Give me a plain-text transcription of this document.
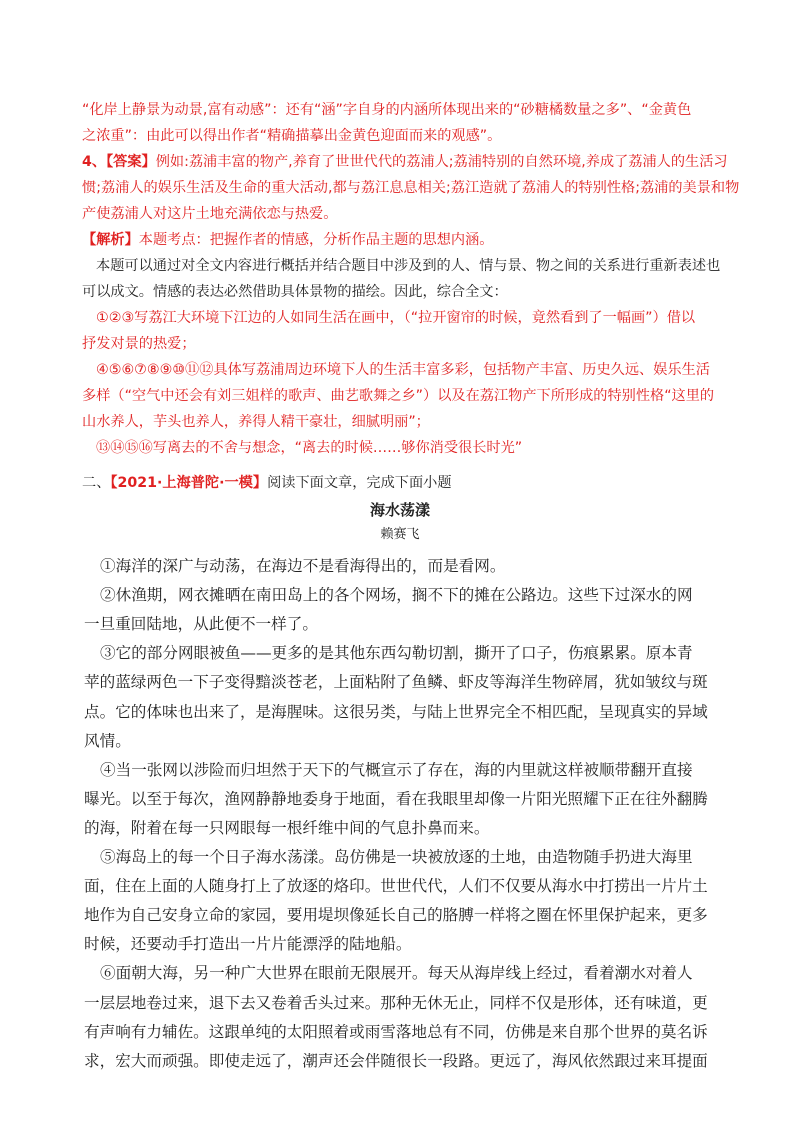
“化岸上静景为动景,富有动感”：还有“涵”字自身的内涵所体现出来的“砂糖橘数量之多”、“金黄色

之浓重”：由此可以得出作者“精确描摹出金黄色迎面而来的观感”。

4、【答案】例如:荔浦丰富的物产,养育了世世代代的荔浦人;荔浦特别的自然环境,养成了荔浦人的生活习

惯;荔浦人的娱乐生活及生命的重大活动,都与荔江息息相关;荔江造就了荔浦人的特别性格;荔浦的美景和物

产使荔浦人对这片土地充满依恋与热爱。

【解析】本题考点：把握作者的情感，分析作品主题的思想内涵。

本题可以通过对全文内容进行概括并结合题目中涉及到的人、情与景、物之间的关系进行重新表述也

可以成文。情感的表达必然借助具体景物的描绘。因此，综合全文：

①②③写荔江大环境下江边的人如同生活在画中，（“拉开窗帘的时候，竟然看到了一幅画”）借以

抒发对景的热爱；

④⑤⑥⑦⑧⑨⑩⑪⑫具体写荔浦周边环境下人的生活丰富多彩，包括物产丰富、历史久远、娱乐生活

多样（“空气中还会有刘三姐样的歌声、曲艺歌舞之乡”）以及在荔江物产下所形成的特别性格“这里的

山水养人，芋头也养人，养得人精干豪壮，细腻明丽”；

⑬⑭⑮⑯写离去的不舍与想念，“离去的时候……够你消受很长时光”

二、【2021·上海普陀·一模】阅读下面文章，完成下面小题

海水荡漾

赖赛飞

①海洋的深广与动荡，在海边不是看海得出的，而是看网。

②休渔期，网衣摊晒在南田岛上的各个网场，搁不下的摊在公路边。这些下过深水的网

一旦重回陆地，从此便不一样了。

③它的部分网眼被鱼——更多的是其他东西勾勒切割，撕开了口子，伤痕累累。原本青

苹的蓝绿两色一下子变得黯淡苍老，上面粘附了鱼鳞、虾皮等海洋生物碎屑，犹如皱纹与斑

点。它的体味也出来了，是海腥味。这很另类，与陆上世界完全不相匹配，呈现真实的异域

风情。

④当一张网以涉险而归坦然于天下的气概宣示了存在，海的内里就这样被顺带翻开直接

曝光。以至于每次，渔网静静地委身于地面，看在我眼里却像一片阳光照耀下正在往外翻腾

的海，附着在每一只网眼每一根纤维中间的气息扑鼻而来。

⑤海岛上的每一个日子海水荡漾。岛仿佛是一块被放逐的土地，由造物随手扔进大海里

面，住在上面的人随身打上了放逐的烙印。世世代代，人们不仅要从海水中打捞出一片片土

地作为自己安身立命的家园，要用堤坝像延长自己的胳膊一样将之圈在怀里保护起来，更多

时候，还要动手打造出一片片能漂浮的陆地船。

⑥面朝大海，另一种广大世界在眼前无限展开。每天从海岸线上经过，看着潮水对着人

一层层地卷过来，退下去又卷着舌头过来。那种无休无止，同样不仅是形体，还有味道，更

有声响有力辅佐。这跟单纯的太阳照着或雨雪落地总有不同，仿佛是来自那个世界的莫名诉

求，宏大而顽强。即使走远了，潮声还会伴随很长一段路。更远了，海风依然跟过来耳提面
